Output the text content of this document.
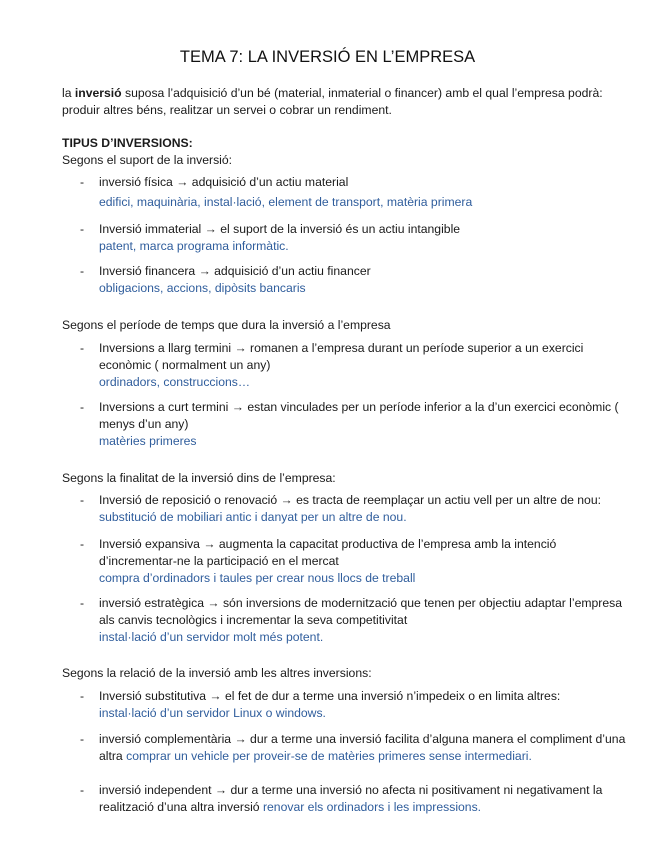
TEMA 7: LA INVERSIÓ EN L’EMPRESA
la inversió suposa l’adquisició d’un bé (material, inmaterial o financer) amb el qual l’empresa podrà: produir altres béns, realitzar un servei o cobrar un rendiment.
TIPUS D’INVERSIONS:
Segons el suport de la inversió:
-	inversió física → adquisició d’un actiu material
edifici, maquinària, instal·lació, element de transport, matèria primera
-	Inversió immaterial → el suport de la inversió és un actiu intangible
patent, marca programa informàtic.
-	Inversió financera → adquisició d’un actiu financer
obligacions, accions, dipòsits bancaris
Segons el període de temps que dura la inversió a l’empresa
-	Inversions a llarg termini → romanen a l’empresa durant un període superior a un exercici econòmic ( normalment un any)
ordinadors, construccions…
-	Inversions a curt termini → estan vinculades per un període inferior a la d’un exercici econòmic ( menys d’un any)
matèries primeres
Segons la finalitat de la inversió dins de l’empresa:
-	Inversió de reposició o renovació → es tracta de reemplaçar un actiu vell per un altre de nou: substitució de mobiliari antic i danyat per un altre de nou.
-	Inversió expansiva → augmenta la capacitat productiva de l’empresa amb la intenció d’incrementar-ne la participació en el mercat
compra d’ordinadors i taules per crear nous llocs de treball
-	inversió estratègica → són inversions de modernització que tenen per objectiu adaptar l’empresa als canvis tecnològics i incrementar la seva competitivitat
instal·lació d’un servidor molt més potent.
Segons la relació de la inversió amb les altres inversions:
-	Inversió substitutiva → el fet de dur a terme una inversió n’impedeix o en limita altres:
instal·lació d’un servidor Linux o windows.
-	inversió complementària → dur a terme una inversió facilita d’alguna manera el compliment d’una altra comprar un vehicle per proveir-se de matèries primeres sense intermediari.
-	inversió independent → dur a terme una inversió no afecta ni positivament ni negativament la realització d’una altra inversió renovar els ordinadors i les impressions.
